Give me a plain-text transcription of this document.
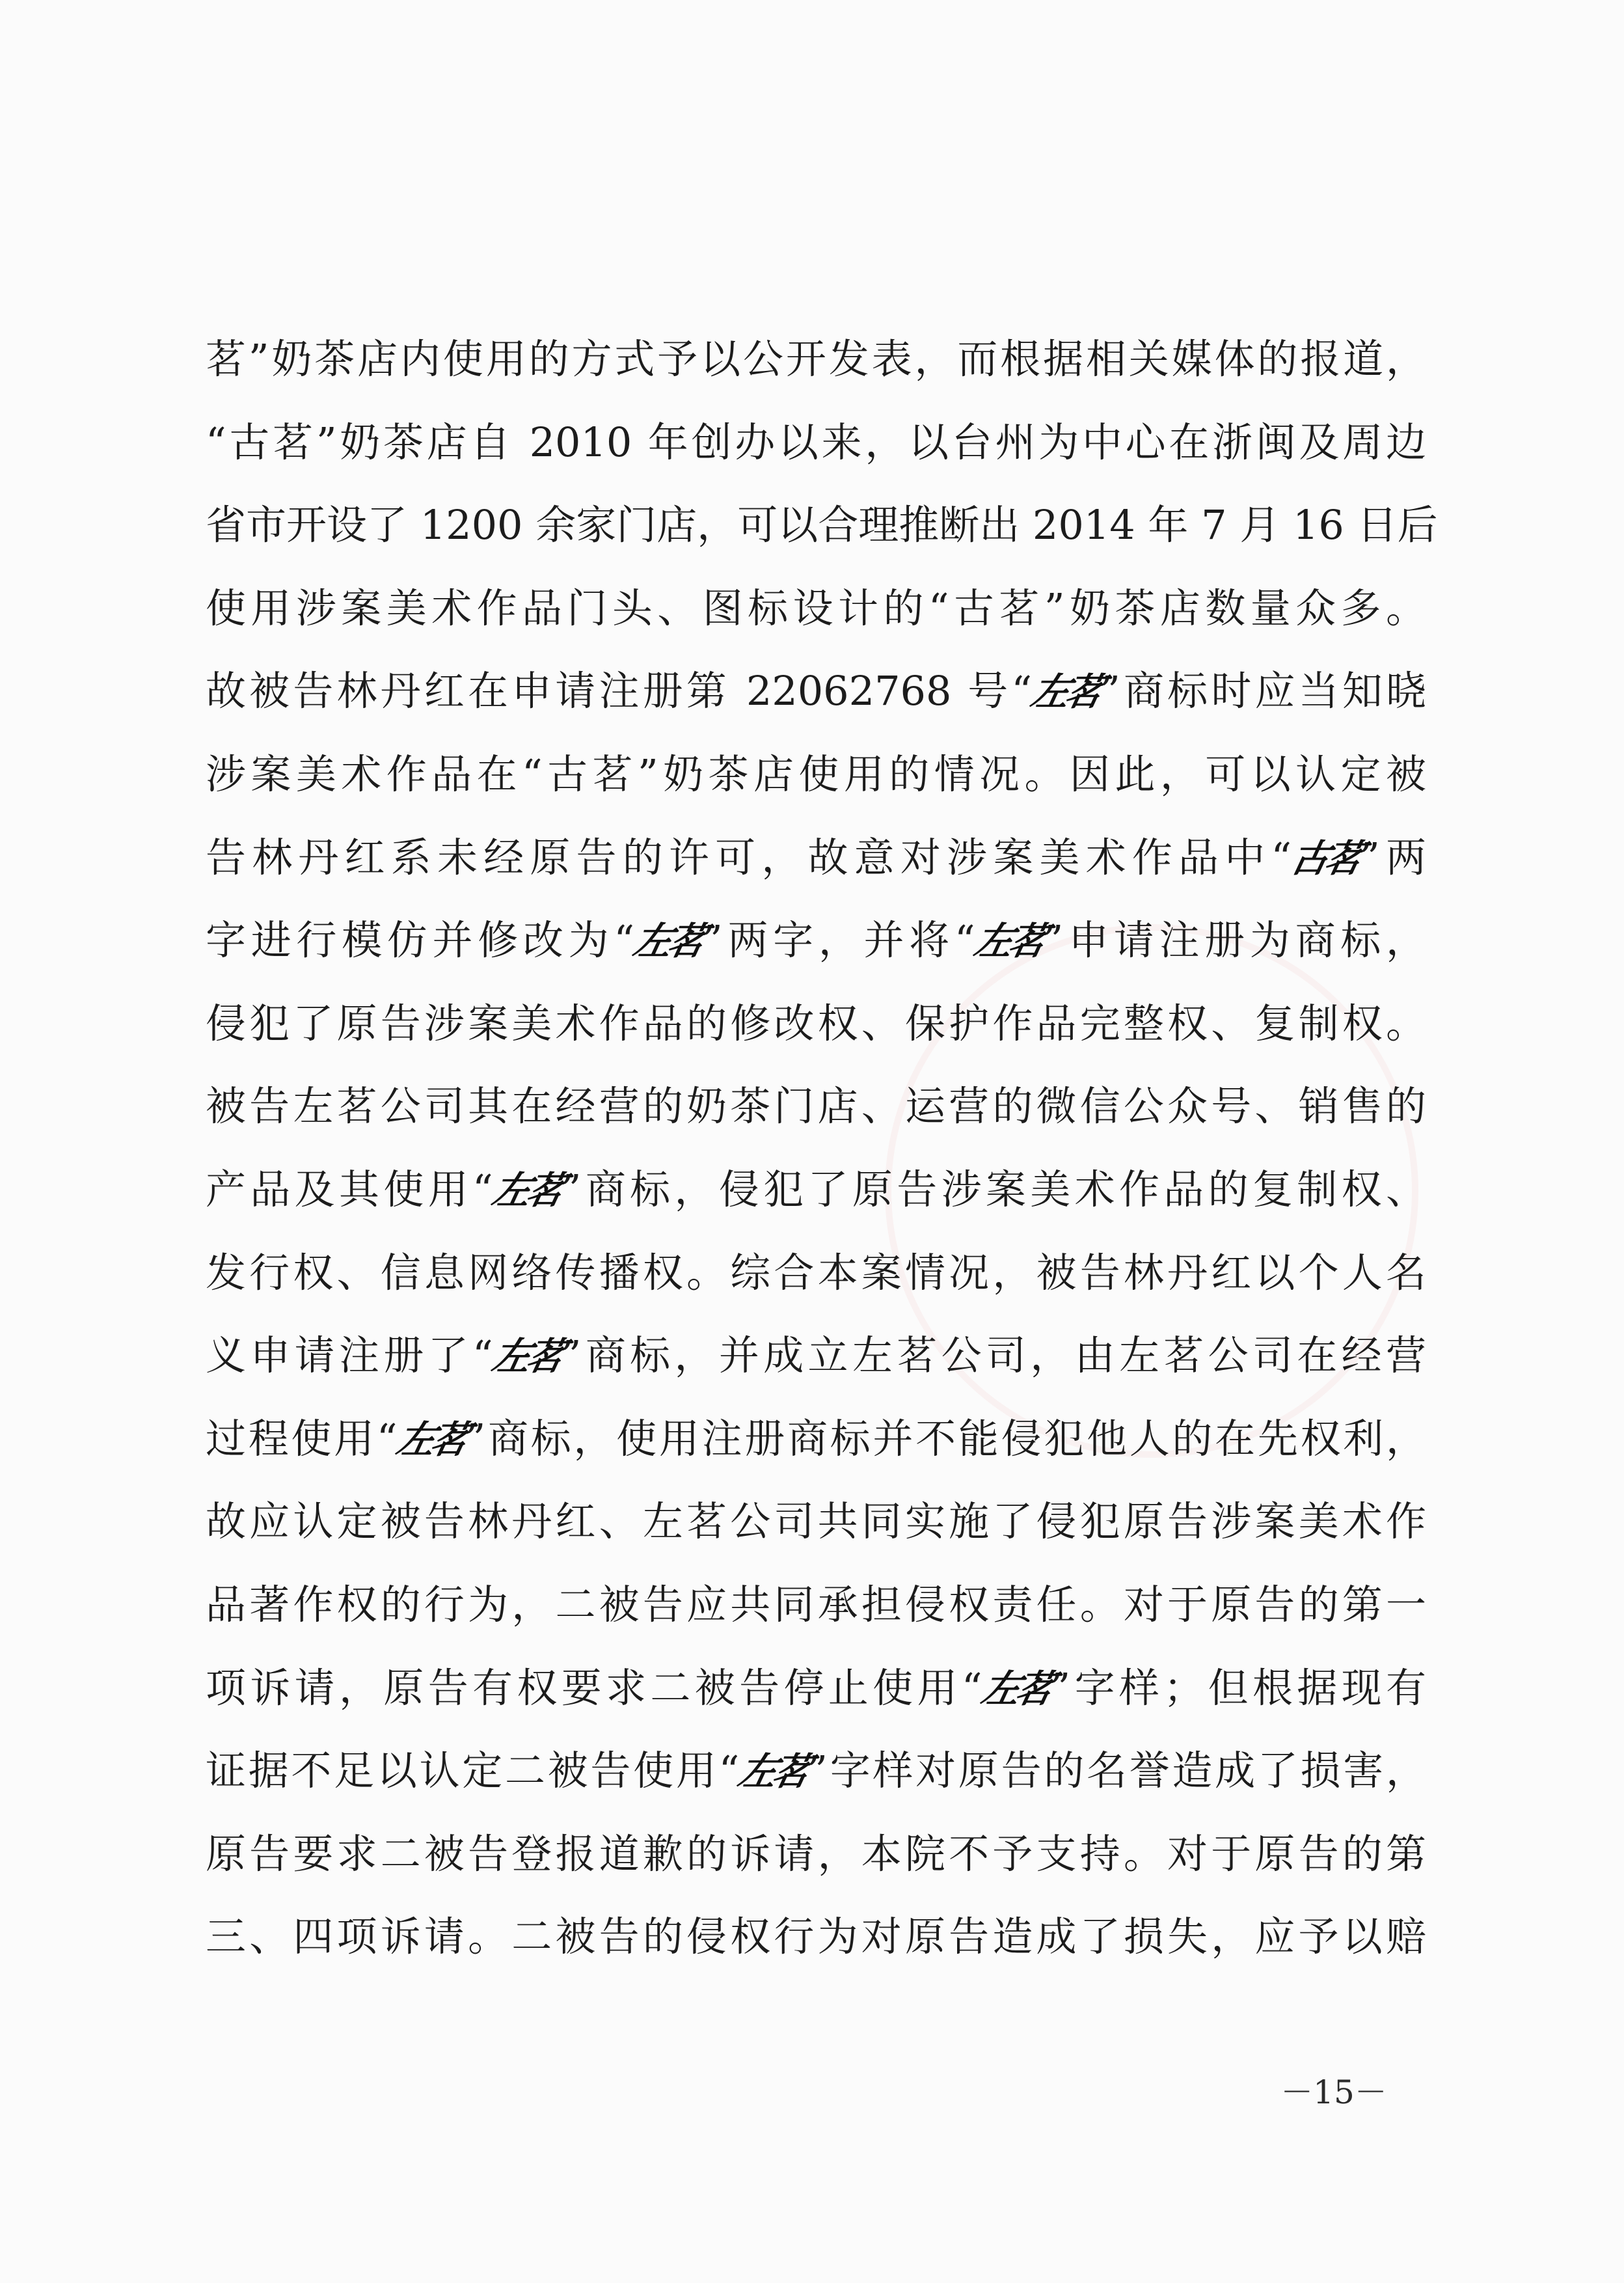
茗”奶茶店内使用的方式予以公开发表，而根据相关媒体的报道，
“古茗”奶茶店自 2010 年创办以来，以台州为中心在浙闽及周边
省市开设了 1200 余家门店，可以合理推断出 2014 年 7 月 16 日后
使用涉案美术作品门头、图标设计的“古茗”奶茶店数量众多。
故被告林丹红在申请注册第 22062768 号“左茗”商标时应当知晓
涉案美术作品在“古茗”奶茶店使用的情况。因此，可以认定被
告林丹红系未经原告的许可，故意对涉案美术作品中“古茗”两
字进行模仿并修改为“左茗”两字，并将“左茗”申请注册为商标，
侵犯了原告涉案美术作品的修改权、保护作品完整权、复制权。
被告左茗公司其在经营的奶茶门店、运营的微信公众号、销售的
产品及其使用“左茗”商标，侵犯了原告涉案美术作品的复制权、
发行权、信息网络传播权。综合本案情况，被告林丹红以个人名
义申请注册了“左茗”商标，并成立左茗公司，由左茗公司在经营
过程使用“左茗”商标，使用注册商标并不能侵犯他人的在先权利，
故应认定被告林丹红、左茗公司共同实施了侵犯原告涉案美术作
品著作权的行为，二被告应共同承担侵权责任。对于原告的第一
项诉请，原告有权要求二被告停止使用“左茗”字样；但根据现有
证据不足以认定二被告使用“左茗”字样对原告的名誉造成了损害，
原告要求二被告登报道歉的诉请，本院不予支持。对于原告的第
三、四项诉请。二被告的侵权行为对原告造成了损失，应予以赔
－15－
